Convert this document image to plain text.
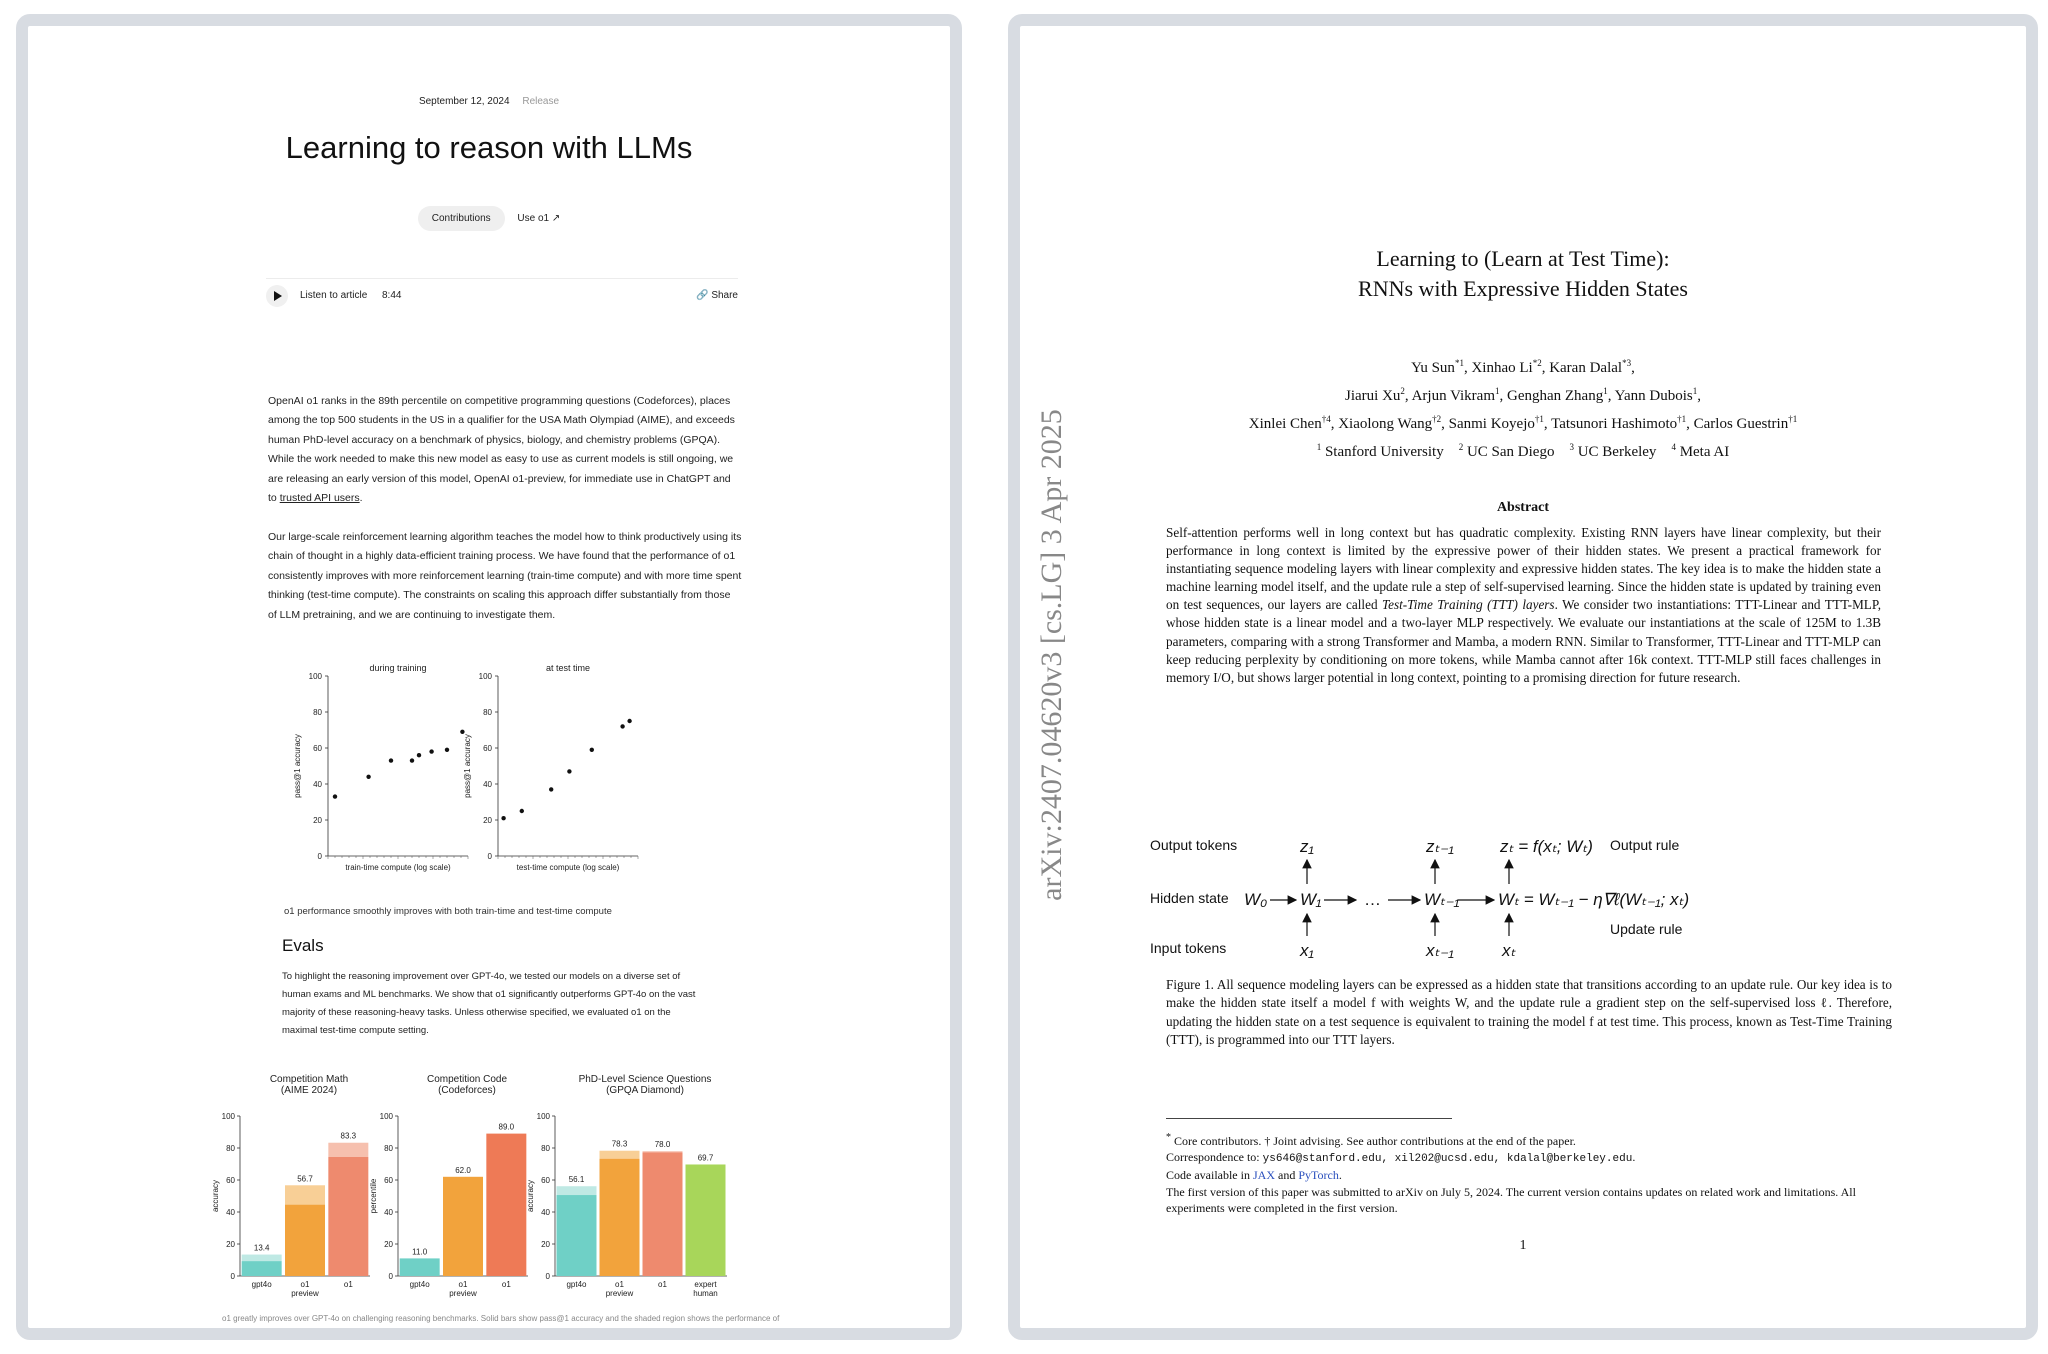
September 12, 2024 Release
Learning to reason with LLMs
Contributions	Use o1 ↗
Listen to article 8:44	🔗 Share

OpenAI o1 ranks in the 89th percentile on competitive programming questions (Codeforces), places among the top 500 students in the US in a qualifier for the USA Math Olympiad (AIME), and exceeds human PhD-level accuracy on a benchmark of physics, biology, and chemistry problems (GPQA). While the work needed to make this new model as easy to use as current models is still ongoing, we are releasing an early version of this model, OpenAI o1-preview, for immediate use in ChatGPT and to trusted API users.

Our large-scale reinforcement learning algorithm teaches the model how to think productively using its chain of thought in a highly data-efficient training process. We have found that the performance of o1 consistently improves with more reinforcement learning (train-time compute) and with more time spent thinking (test-time compute). The constraints on scaling this approach differ substantially from those of LLM pretraining, and we are continuing to investigate them.

during training
0
20
40
60
80
100
train-time compute (log scale)
pass@1 accuracy
at test time
0
20
40
60
80
100
test-time compute (log scale)
pass@1 accuracy
o1 performance smoothly improves with both train-time and test-time compute
Evals

To highlight the reasoning improvement over GPT-4o, we tested our models on a diverse set of human exams and ML benchmarks. We show that o1 significantly outperforms GPT-4o on the vast majority of these reasoning-heavy tasks. Unless otherwise specified, we evaluated o1 on the maximal test-time compute setting.

Competition Math
(AIME 2024)
0
20
40
60
80
100
accuracy
13.4
gpt4o
56.7
o1
preview
83.3
o1
Competition Code
(Codeforces)
0
20
40
60
80
100
percentile
11.0
gpt4o
62.0
o1
preview
89.0
o1
PhD-Level Science Questions
(GPQA Diamond)
0
20
40
60
80
100
accuracy
56.1
gpt4o
78.3
o1
preview
78.0
o1
69.7
expert
human

o1 greatly improves over GPT-4o on challenging reasoning benchmarks. Solid bars show pass@1 accuracy and the shaded region shows the performance of majority vote (consensus) with 64 samples.

arXiv:2407.04620v3 [cs.LG] 3 Apr 2025
Learning to (Learn at Test Time):
RNNs with Expressive Hidden States
Yu Sun$^{*1}$, Xinhao Li$^{*2}$, Karan Dalal$^{*3}$,
Jiarui Xu$^2$, Arjun Vikram$^1$, Genghan Zhang$^1$, Yann Dubois$^1$,
Xinlei Chen$^{\dagger 4}$, Xiaolong Wang$^{\dagger 2}$, Sanmi Koyejo$^{\dagger 1}$, Tatsunori Hashimoto$^{\dagger 1}$, Carlos Guestrin$^{\dagger 1}$
$^1$ Stanford University    $^2$ UC San Diego    $^3$ UC Berkeley    $^4$ Meta AI
Abstract

Self-attention performs well in long context but has quadratic complexity. Existing RNN layers have linear complexity, but their performance in long context is limited by the expressive power of their hidden states. We present a practical framework for instantiating sequence modeling layers with linear complexity and expressive hidden states. The key idea is to make the hidden state a machine learning model itself, and the update rule a step of self-supervised learning. Since the hidden state is updated by training even on test sequences, our layers are called Test-Time Training (TTT) layers. We consider two instantiations: TTT-Linear and TTT-MLP, whose hidden state is a linear model and a two-layer MLP respectively. We evaluate our instantiations at the scale of 125M to 1.3B parameters, comparing with a strong Transformer and Mamba, a modern RNN. Similar to Transformer, TTT-Linear and TTT-MLP can keep reducing perplexity by conditioning on more tokens, while Mamba cannot after 16k context. TTT-MLP still faces challenges in memory I/O, but shows larger potential in long context, pointing to a promising direction for future research.

Output tokens
Hidden state
Input tokens
Output rule
Update rule
W₀ W₁
z₁
x₁
…	Wₜ₋₁
zₜ₋₁
xₜ₋₁
Wₜ = Wₜ₋₁ − η∇ℓ(Wₜ₋₁; xₜ)
zₜ = f(xₜ; Wₜ)
xₜ

Figure 1. All sequence modeling layers can be expressed as a hidden state that transitions according to an update rule. Our key idea is to make the hidden state itself a model f with weights W, and the update rule a gradient step on the self-supervised loss ℓ. Therefore, updating the hidden state on a test sequence is equivalent to training the model f at test time. This process, known as Test-Time Training (TTT), is programmed into our TTT layers.

* Core contributors. † Joint advising. See author contributions at the end of the paper.
Correspondence to: ys646@stanford.edu, xil202@ucsd.edu, kdalal@berkeley.edu.
Code available in JAX and PyTorch.
The first version of this paper was submitted to arXiv on July 5, 2024. The current version contains updates on related work and limitations. All experiments were completed in the first version.
1
